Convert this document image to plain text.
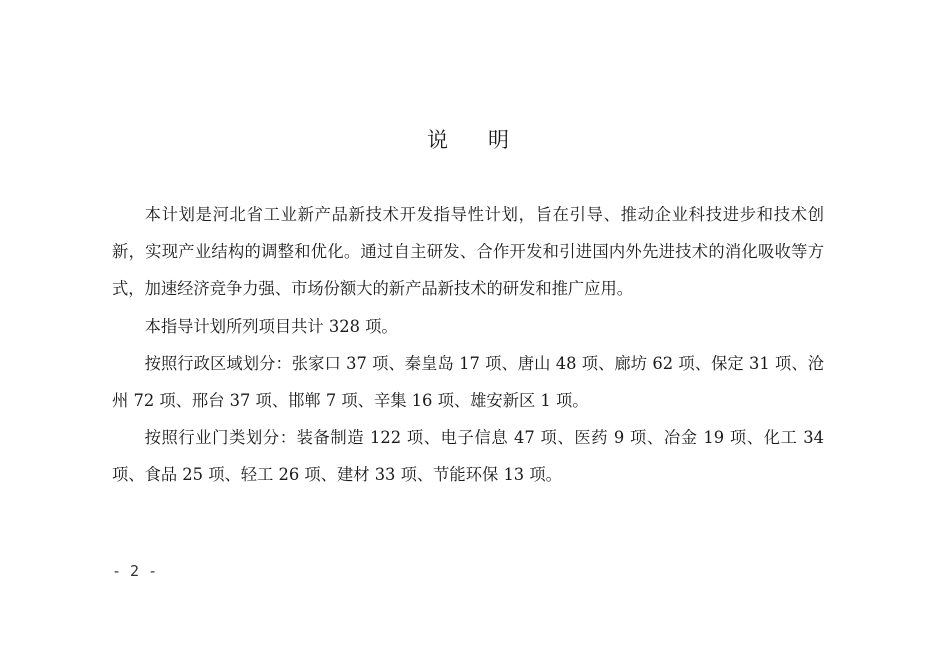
说      明

本计划是河北省工业新产品新技术开发指导性计划，旨在引导、推动企业科技进步和技术创新，实现产业结构的调整和优化。通过自主研发、合作开发和引进国内外先进技术的消化吸收等方式，加速经济竞争力强、市场份额大的新产品新技术的研发和推广应用。

本指导计划所列项目共计 328 项。

按照行政区域划分：张家口 37 项、秦皇岛 17 项、唐山 48 项、廊坊 62 项、保定 31 项、沧州 72 项、邢台 37 项、邯郸 7 项、辛集 16 项、雄安新区 1 项。

按照行业门类划分：装备制造 122 项、电子信息 47 项、医药 9 项、冶金 19 项、化工 34 项、食品 25 项、轻工 26 项、建材 33 项、节能环保 13 项。

- 2 -
